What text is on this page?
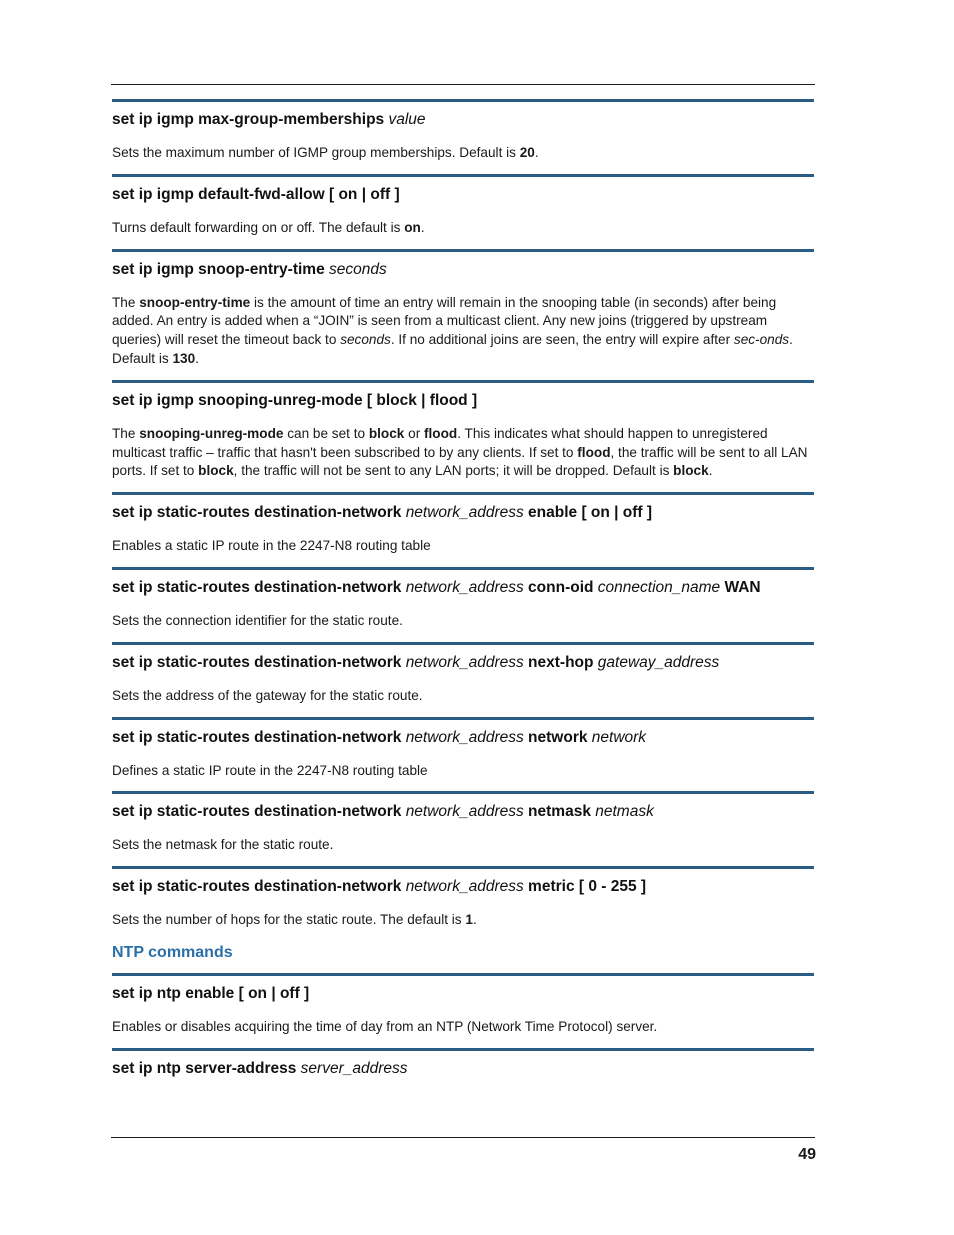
set ip igmp max-group-memberships value
Sets the maximum number of IGMP group memberships. Default is 20.
set ip igmp default-fwd-allow [ on | off ]
Turns default forwarding on or off. The default is on.
set ip igmp snoop-entry-time seconds
The snoop-entry-time is the amount of time an entry will remain in the snooping table (in seconds) after being added. An entry is added when a “JOIN” is seen from a multicast client. Any new joins (triggered by upstream queries) will reset the timeout back to seconds. If no additional joins are seen, the entry will expire after sec-onds. Default is 130.
set ip igmp snooping-unreg-mode [ block | flood ]
The snooping-unreg-mode can be set to block or flood. This indicates what should happen to unregistered multicast traffic – traffic that hasn't been subscribed to by any clients. If set to flood, the traffic will be sent to all LAN ports. If set to block, the traffic will not be sent to any LAN ports; it will be dropped. Default is block.
set ip static-routes destination-network network_address enable [ on | off ]
Enables a static IP route in the 2247-N8 routing table
set ip static-routes destination-network network_address conn-oid connection_name WAN
Sets the connection identifier for the static route.
set ip static-routes destination-network network_address next-hop gateway_address
Sets the address of the gateway for the static route.
set ip static-routes destination-network network_address network network
Defines a static IP route in the 2247-N8 routing table
set ip static-routes destination-network network_address netmask netmask
Sets the netmask for the static route.
set ip static-routes destination-network network_address metric [ 0 - 255 ]
Sets the number of hops for the static route. The default is 1.
NTP commands
set ip ntp enable [ on | off ]
Enables or disables acquiring the time of day from an NTP (Network Time Protocol) server.
set ip ntp server-address server_address
49
